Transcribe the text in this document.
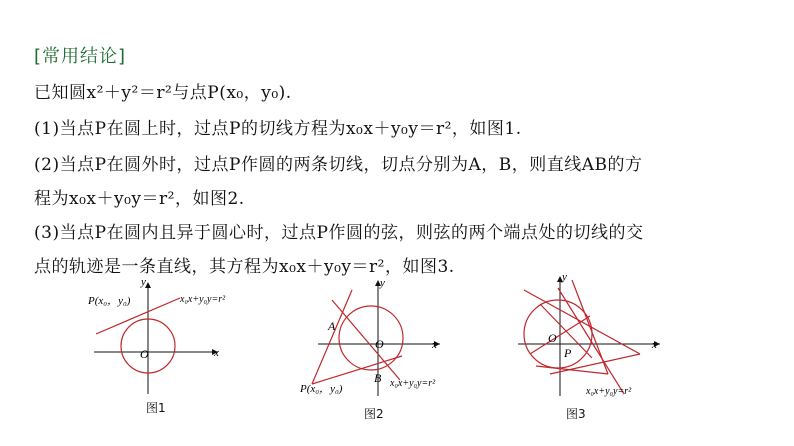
[常用结论]
已知圆x²＋y²＝r²与点P(x₀，y₀).
(1)当点P在圆上时，过点P的切线方程为x₀x＋y₀y＝r²，如图1.
(2)当点P在圆外时，过点P作圆的两条切线，切点分别为A，B，则直线AB的方
程为x₀x＋y₀y＝r²，如图2.
(3)当点P在圆内且异于圆心时，过点P作圆的弦，则弦的两个端点处的切线的交
点的轨迹是一条直线，其方程为x₀x＋y₀y＝r²，如图3.
y
x
O
P(x₀，y₀)	x₀x+y₀y=r²
图1
y
x
O
A
B
P(x₀，y₀)	x₀x+y₀y=r²
图2
y
x
O
P
x₀x+y₀y=r²
图3
